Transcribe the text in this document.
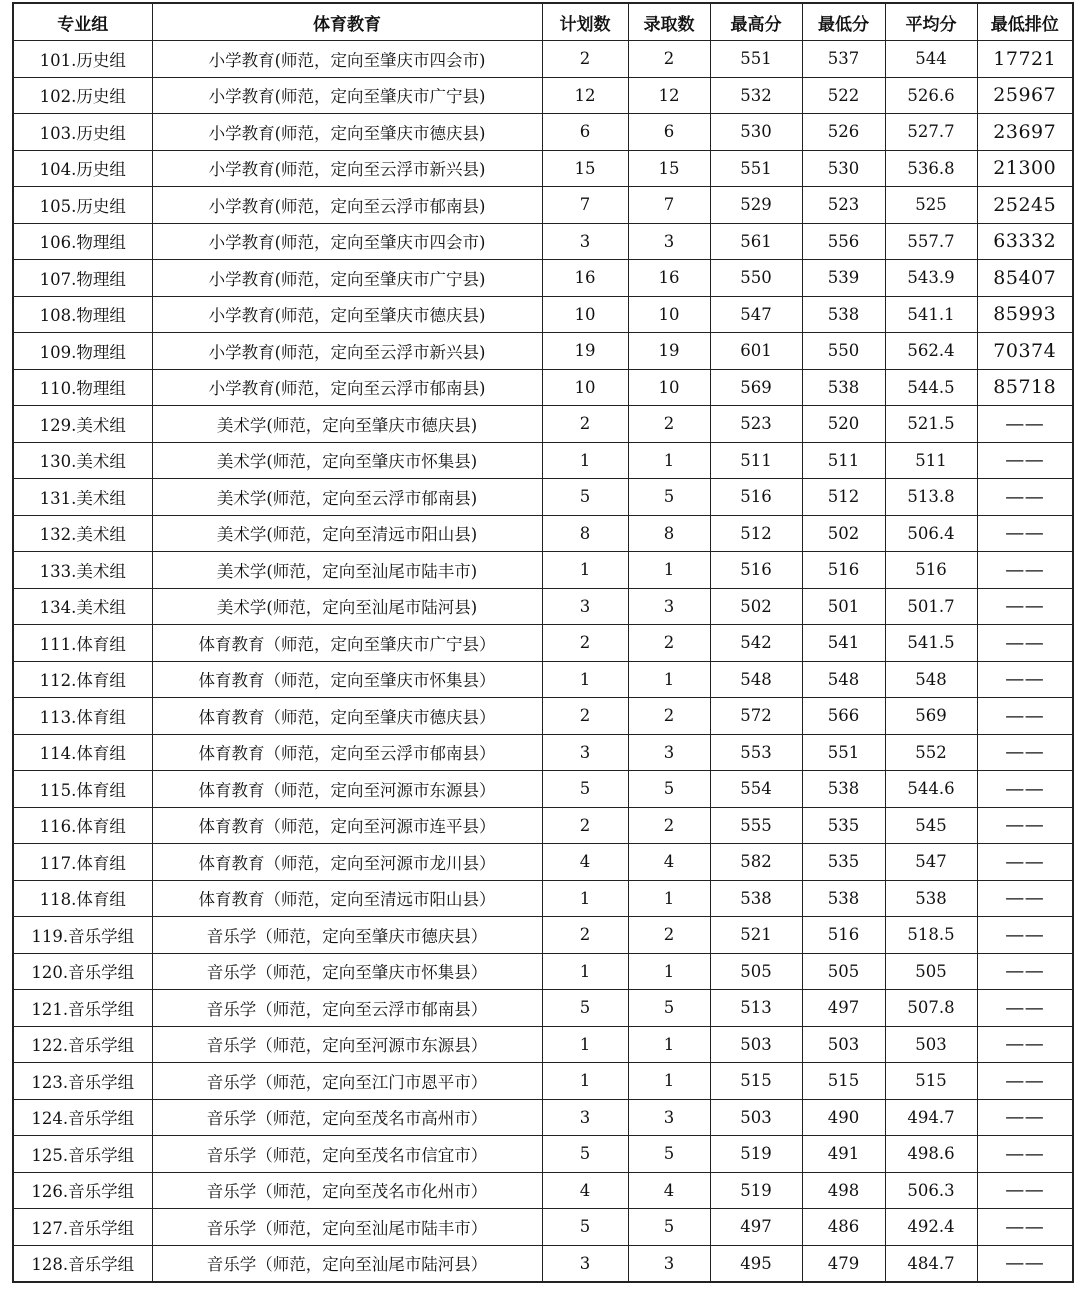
专业组	体育教育	计划数	录取数	最高分	最低分	平均分	最低排位
101.历史组	小学教育(师范，定向至肇庆市四会市)	2	2	551	537	544	17721
102.历史组	小学教育(师范，定向至肇庆市广宁县)	12	12	532	522	526.6	25967
103.历史组	小学教育(师范，定向至肇庆市德庆县)	6	6	530	526	527.7	23697
104.历史组	小学教育(师范，定向至云浮市新兴县)	15	15	551	530	536.8	21300
105.历史组	小学教育(师范，定向至云浮市郁南县)	7	7	529	523	525	25245
106.物理组	小学教育(师范，定向至肇庆市四会市)	3	3	561	556	557.7	63332
107.物理组	小学教育(师范，定向至肇庆市广宁县)	16	16	550	539	543.9	85407
108.物理组	小学教育(师范，定向至肇庆市德庆县)	10	10	547	538	541.1	85993
109.物理组	小学教育(师范，定向至云浮市新兴县)	19	19	601	550	562.4	70374
110.物理组	小学教育(师范，定向至云浮市郁南县)	10	10	569	538	544.5	85718
129.美术组	美术学(师范，定向至肇庆市德庆县)	2	2	523	520	521.5	——
130.美术组	美术学(师范，定向至肇庆市怀集县)	1	1	511	511	511	——
131.美术组	美术学(师范，定向至云浮市郁南县)	5	5	516	512	513.8	——
132.美术组	美术学(师范，定向至清远市阳山县)	8	8	512	502	506.4	——
133.美术组	美术学(师范，定向至汕尾市陆丰市)	1	1	516	516	516	——
134.美术组	美术学(师范，定向至汕尾市陆河县)	3	3	502	501	501.7	——
111.体育组	体育教育（师范，定向至肇庆市广宁县）	2	2	542	541	541.5	——
112.体育组	体育教育（师范，定向至肇庆市怀集县）	1	1	548	548	548	——
113.体育组	体育教育（师范，定向至肇庆市德庆县）	2	2	572	566	569	——
114.体育组	体育教育（师范，定向至云浮市郁南县）	3	3	553	551	552	——
115.体育组	体育教育（师范，定向至河源市东源县）	5	5	554	538	544.6	——
116.体育组	体育教育（师范，定向至河源市连平县）	2	2	555	535	545	——
117.体育组	体育教育（师范，定向至河源市龙川县）	4	4	582	535	547	——
118.体育组	体育教育（师范，定向至清远市阳山县）	1	1	538	538	538	——
119.音乐学组	音乐学（师范，定向至肇庆市德庆县）	2	2	521	516	518.5	——
120.音乐学组	音乐学（师范，定向至肇庆市怀集县）	1	1	505	505	505	——
121.音乐学组	音乐学（师范，定向至云浮市郁南县）	5	5	513	497	507.8	——
122.音乐学组	音乐学（师范，定向至河源市东源县）	1	1	503	503	503	——
123.音乐学组	音乐学（师范，定向至江门市恩平市）	1	1	515	515	515	——
124.音乐学组	音乐学（师范，定向至茂名市高州市）	3	3	503	490	494.7	——
125.音乐学组	音乐学（师范，定向至茂名市信宜市）	5	5	519	491	498.6	——
126.音乐学组	音乐学（师范，定向至茂名市化州市）	4	4	519	498	506.3	——
127.音乐学组	音乐学（师范，定向至汕尾市陆丰市）	5	5	497	486	492.4	——
128.音乐学组	音乐学（师范，定向至汕尾市陆河县）	3	3	495	479	484.7	——
